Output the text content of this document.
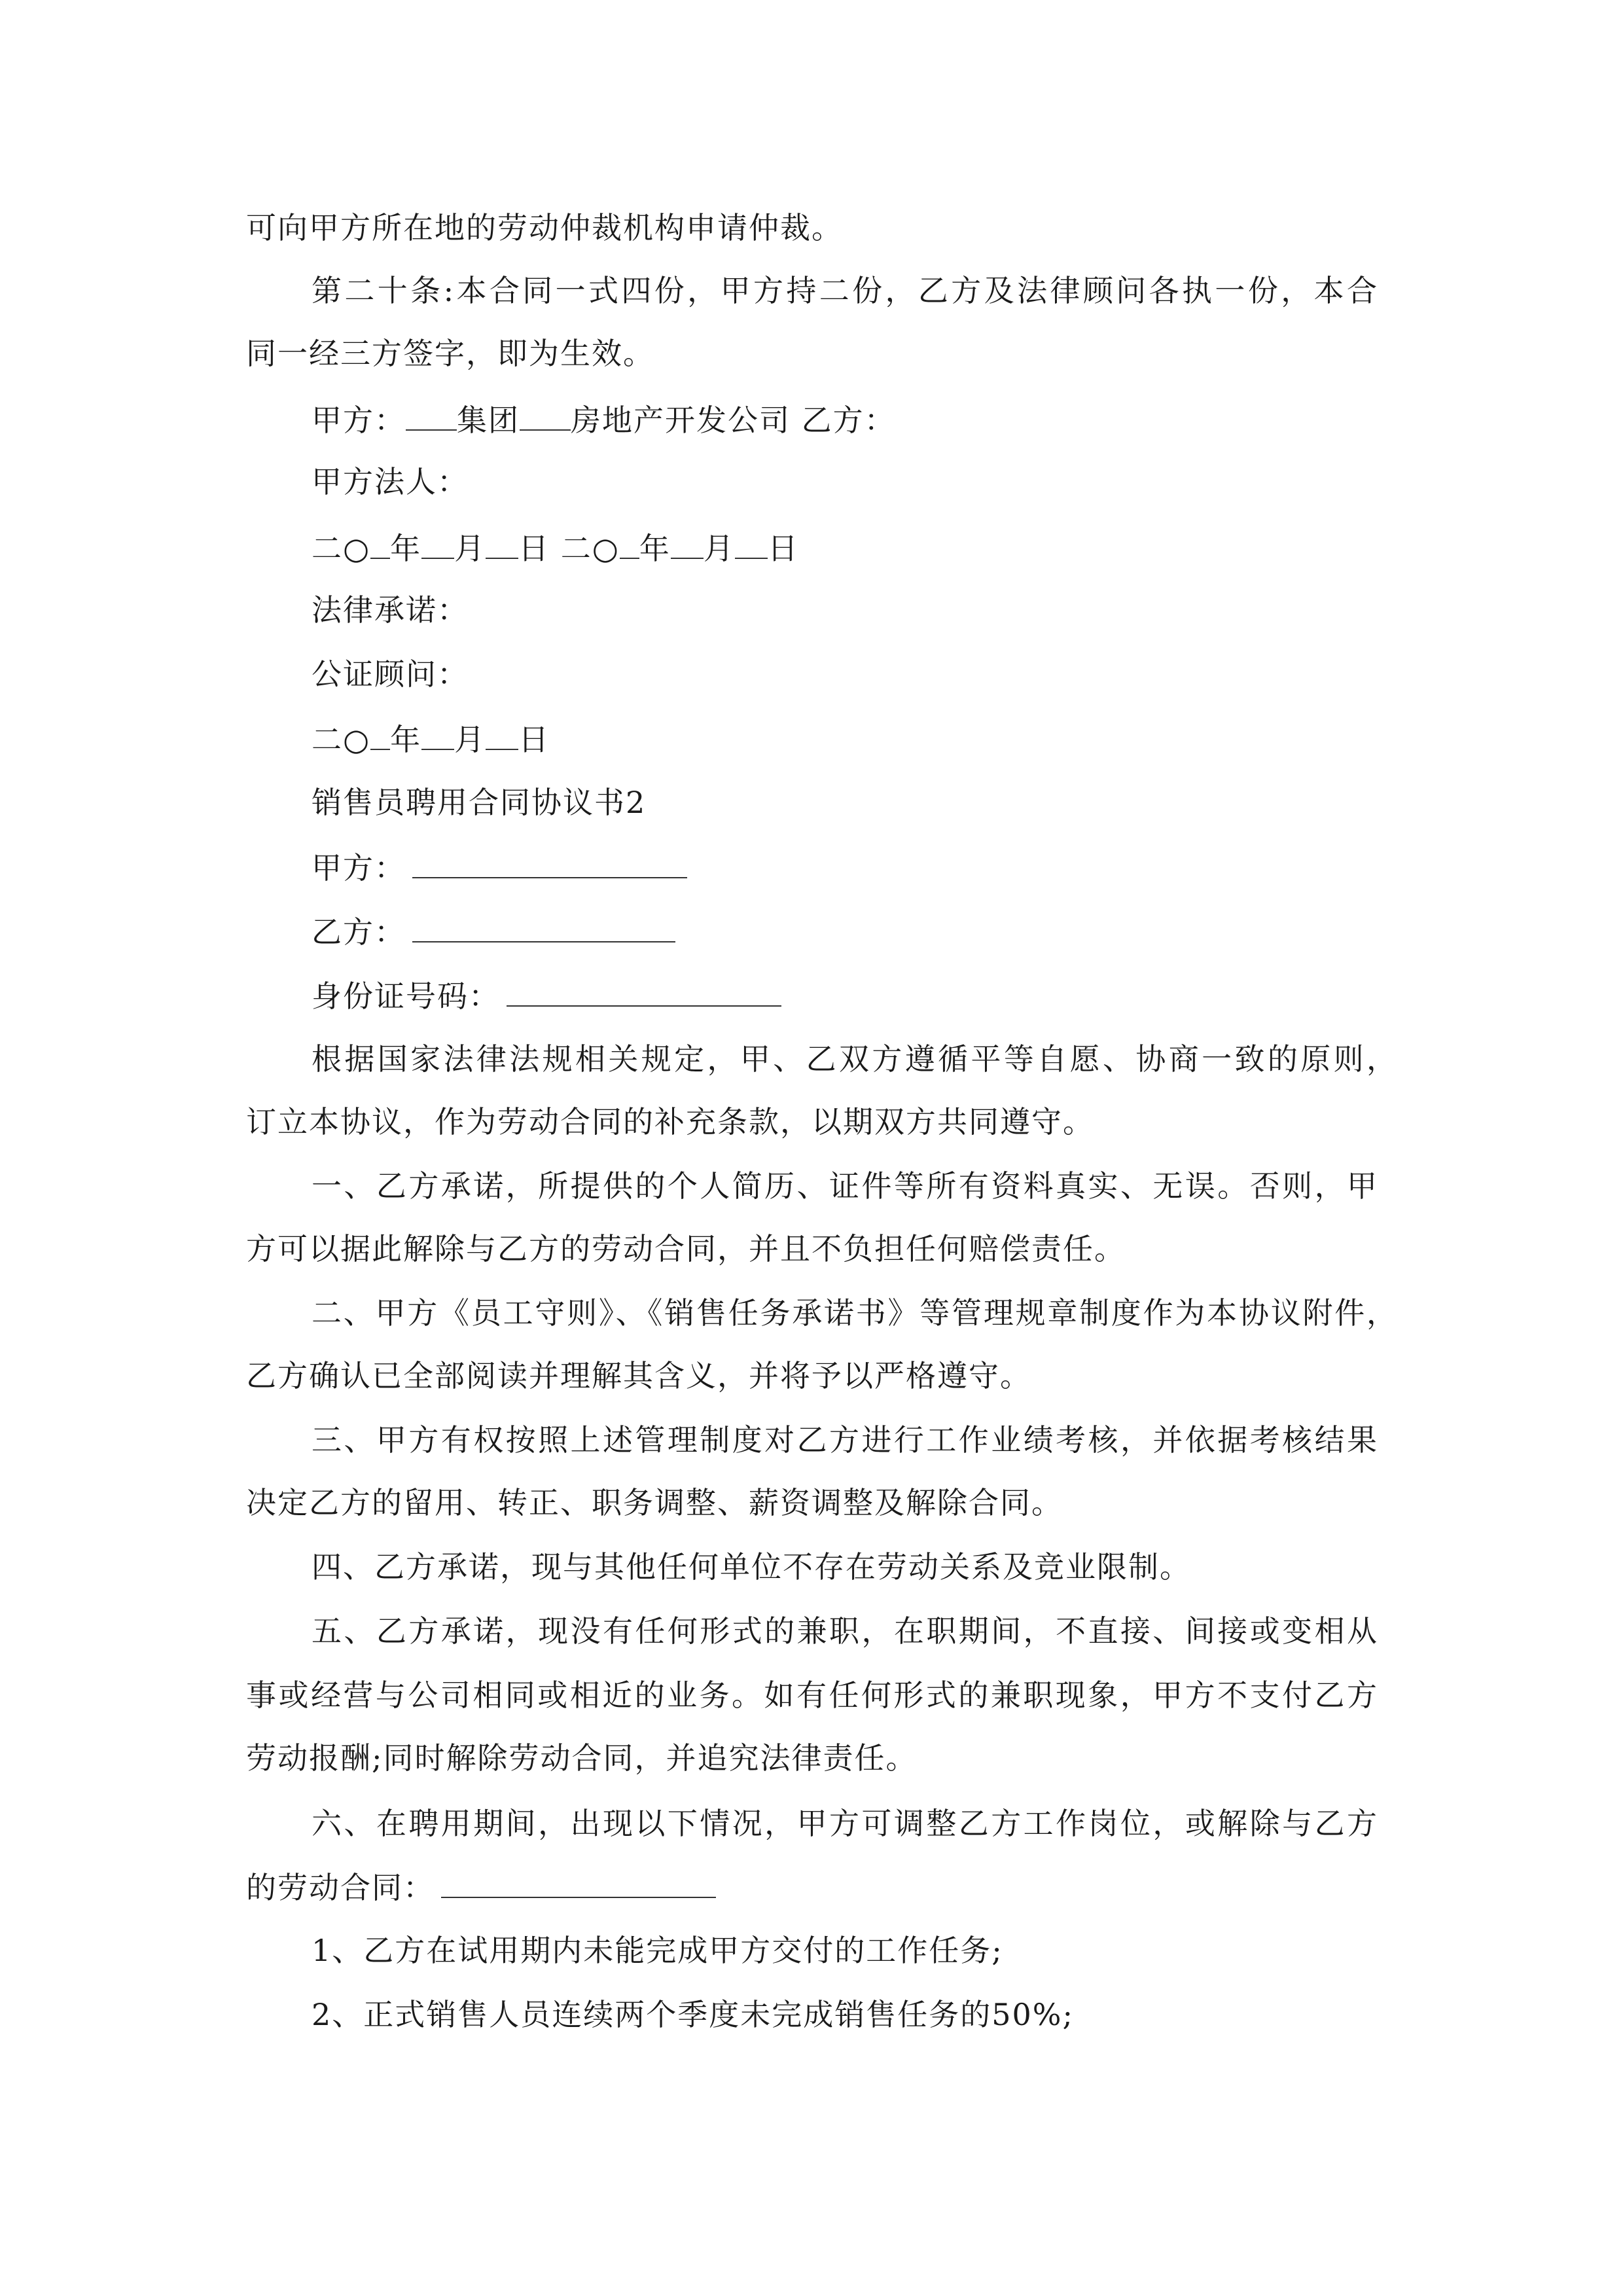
可向甲方所在地的劳动仲裁机构申请仲裁。
第二十条:本合同一式四份，甲方持二份，乙方及法律顾问各执一份，本合
同一经三方签字，即为生效。
甲方： 集团 房地产开发公司 乙方：
甲方法人：
二○ 年 月 日 二○ 年 月 日
法律承诺：
公证顾问：
二○ 年 月 日
销售员聘用合同协议书2
甲方：
乙方：
身份证号码：
根据国家法律法规相关规定，甲、乙双方遵循平等自愿、协商一致的原则，
订立本协议，作为劳动合同的补充条款，以期双方共同遵守。
一、乙方承诺，所提供的个人简历、证件等所有资料真实、无误。否则，甲
方可以据此解除与乙方的劳动合同，并且不负担任何赔偿责任。
二、甲方《员工守则》、《销售任务承诺书》等管理规章制度作为本协议附件，
乙方确认已全部阅读并理解其含义，并将予以严格遵守。
三、甲方有权按照上述管理制度对乙方进行工作业绩考核，并依据考核结果
决定乙方的留用、转正、职务调整、薪资调整及解除合同。
四、乙方承诺，现与其他任何单位不存在劳动关系及竞业限制。
五、乙方承诺，现没有任何形式的兼职，在职期间，不直接、间接或变相从
事或经营与公司相同或相近的业务。如有任何形式的兼职现象，甲方不支付乙方
劳动报酬;同时解除劳动合同，并追究法律责任。
六、在聘用期间，出现以下情况，甲方可调整乙方工作岗位，或解除与乙方
的劳动合同：
1、乙方在试用期内未能完成甲方交付的工作任务;
2、正式销售人员连续两个季度未完成销售任务的50%;
